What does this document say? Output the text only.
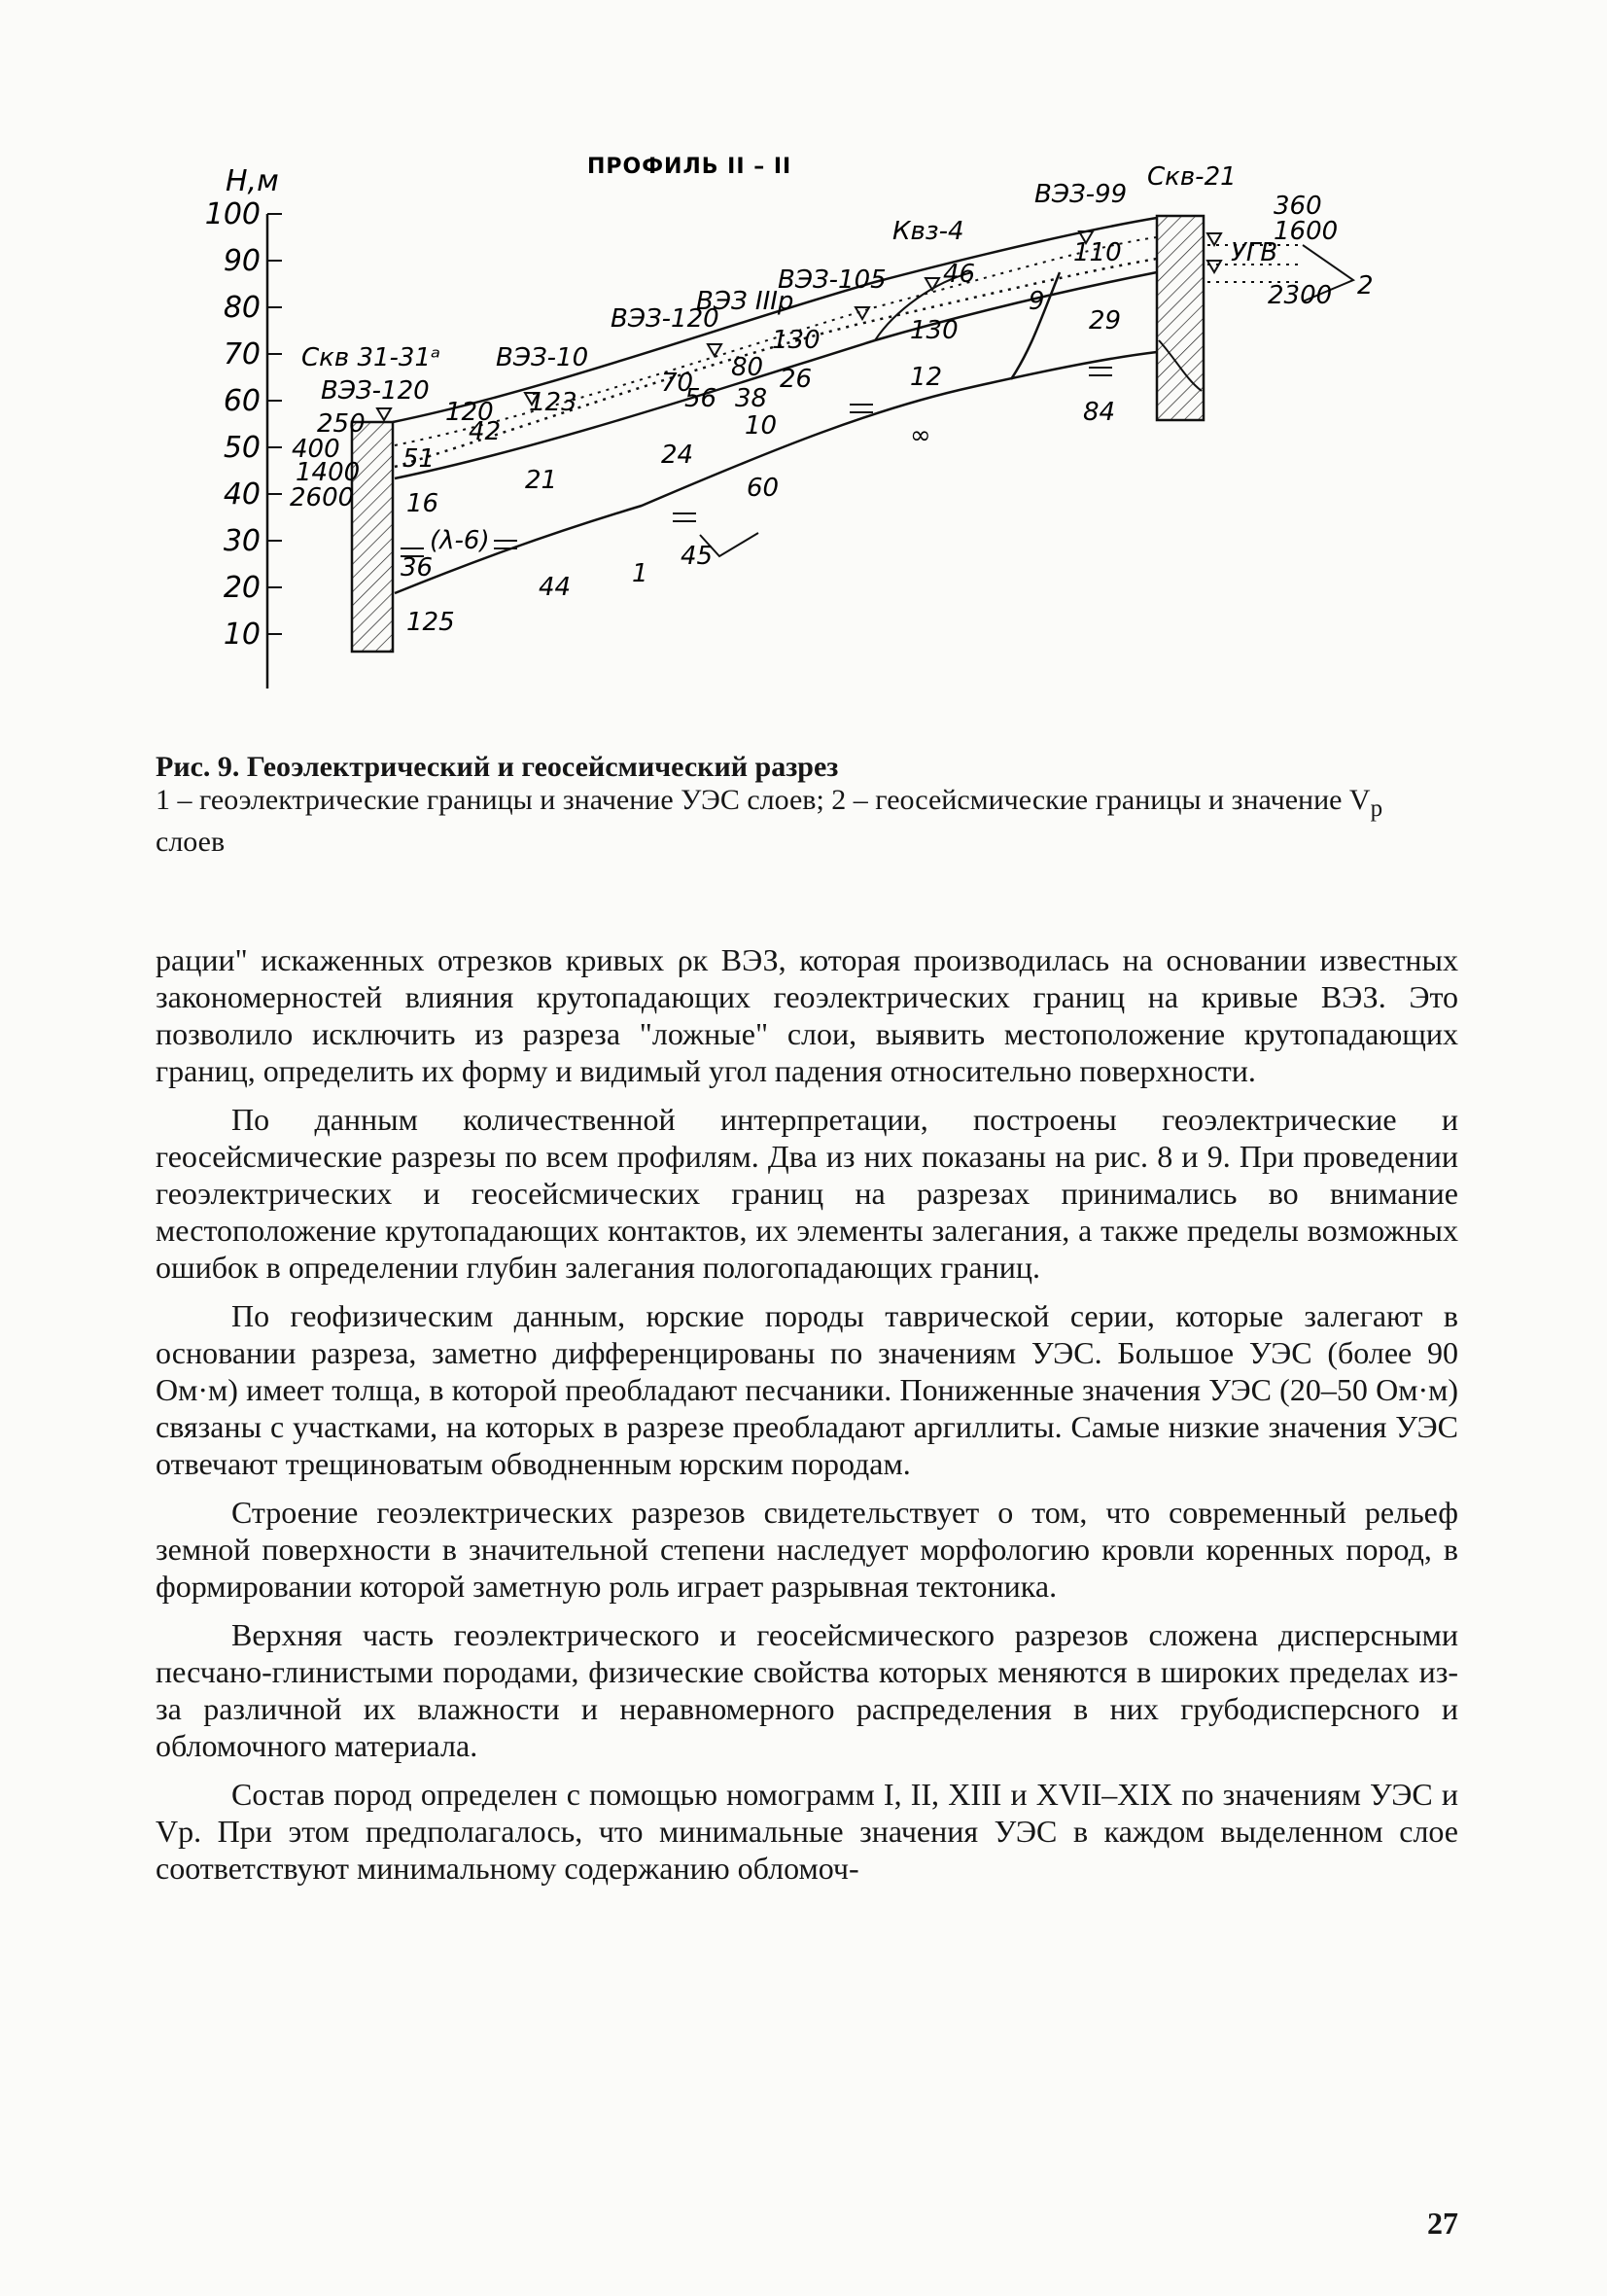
ПРОФИЛЬ II – II
H,м
100
90
80
70
60
50
40
30
20
10
Скв 31-31ᵃ
ВЭЗ-120
Скв-21
УГВ
ВЭЗ-10
ВЭЗ-120
ВЭЗ IIIр
ВЭЗ-105
Квз-4
ВЭЗ-99
250
400
1400
2600
360
1600
2300 2
1
120 123
42
51
21
16
(λ-6)
36
44
125
70
56 38
80 26
130	130
12
10
24
60
45
∞
46
110
9
29
84
Рис. 9. Геоэлектрический и геосейсмический разрез
1 – геоэлектрические границы и значение УЭС слоев; 2 – геосейсмические границы и значение $V_р$ слоев

рации" искаженных отрезков кривых ρк ВЭЗ, которая производилась на основании известных закономерностей влияния крутопадающих геоэлектрических границ на кривые ВЭЗ. Это позволило исключить из разреза "ложные" слои, выявить местоположение крутопадающих границ, определить их форму и видимый угол падения относительно поверхности.

По данным количественной интерпретации, построены геоэлектрические и геосейсмические разрезы по всем профилям. Два из них показаны на рис. 8 и 9. При проведении геоэлектрических и геосейсмических границ на разрезах принимались во внимание местоположение крутопадающих контактов, их элементы залегания, а также пределы возможных ошибок в определении глубин залегания пологопадающих границ.

По геофизическим данным, юрские породы таврической серии, которые залегают в основании разреза, заметно дифференцированы по значениям УЭС. Большое УЭС (более 90 Ом·м) имеет толща, в которой преобладают песчаники. Пониженные значения УЭС (20–50 Ом·м) связаны с участками, на которых в разрезе преобладают аргиллиты. Самые низкие значения УЭС отвечают трещиноватым обводненным юрским породам.

Строение геоэлектрических разрезов свидетельствует о том, что современный рельеф земной поверхности в значительной степени наследует морфологию кровли коренных пород, в формировании которой заметную роль играет разрывная тектоника.

Верхняя часть геоэлектрического и геосейсмического разрезов сложена дисперсными песчано-глинистыми породами, физические свойства которых меняются в широких пределах из-за различной их влажности и неравномерного распределения в них грубодисперсного и обломочного материала.

Состав пород определен с помощью номограмм I, II, XIII и XVII–XIX по значениям УЭС и Vр. При этом предполагалось, что минимальные значения УЭС в каждом выделенном слое соответствуют минимальному содержанию обломоч-

27
